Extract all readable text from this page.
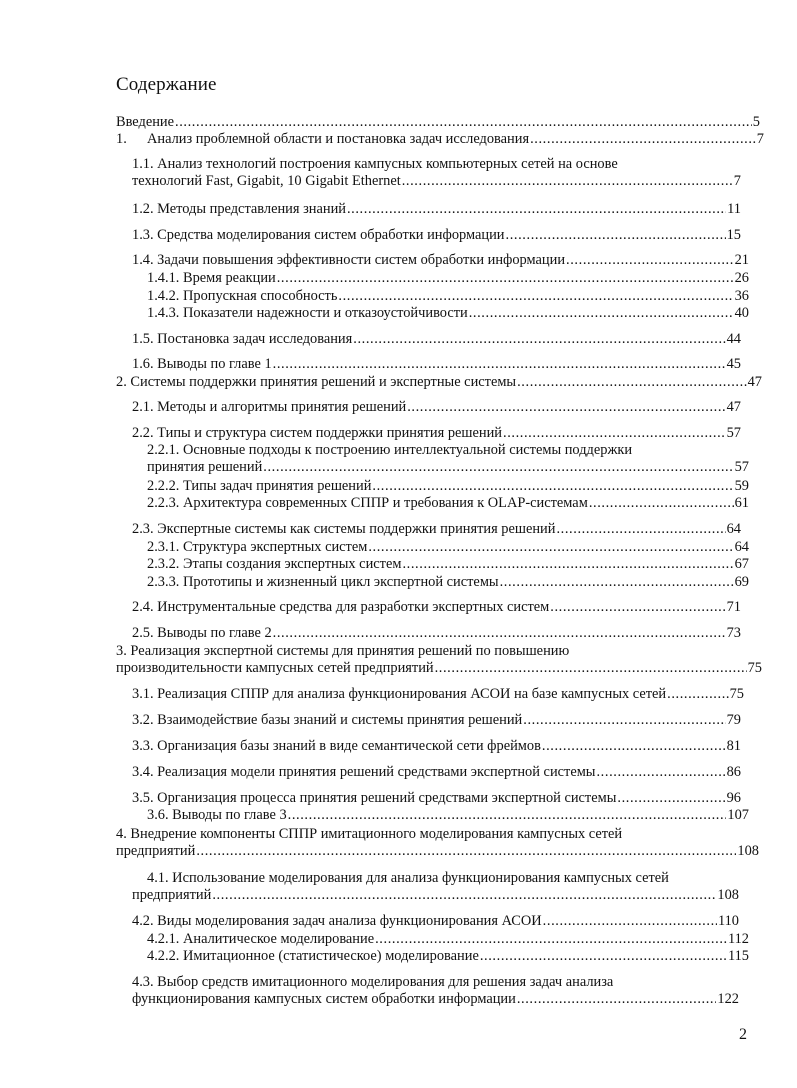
Содержание
Введение .....	5
1. Анализ проблемной области и постановка задач исследования .....	7
1.1. Анализ технологий построения кампусных компьютерных сетей на основе
технологий Fast, Gigabit, 10 Gigabit Ethernet .....	7
1.2. Методы представления знаний .....	11
1.3. Средства моделирования систем обработки информации .....	15
1.4. Задачи повышения эффективности систем обработки информации .....	21
1.4.1. Время реакции .....	26
1.4.2. Пропускная способность .....	36
1.4.3. Показатели надежности и отказоустойчивости .....	40
1.5. Постановка задач исследования .....	44
1.6. Выводы по главе 1 .....	45
2. Системы поддержки принятия решений и экспертные системы .....	47
2.1. Методы и алгоритмы принятия решений .....	47
2.2. Типы и структура систем поддержки принятия решений .....	57
2.2.1. Основные подходы к построению интеллектуальной системы поддержки
принятия решений .....	57
2.2.2. Типы задач принятия решений .....	59
2.2.3. Архитектура современных СППР и требования к OLAP-системам .....	61
2.3. Экспертные системы как системы поддержки принятия решений .....	64
2.3.1. Структура экспертных систем .....	64
2.3.2. Этапы создания экспертных систем .....	67
2.3.3. Прототипы и жизненный цикл экспертной системы .....	69
2.4. Инструментальные средства для разработки экспертных систем .....	71
2.5. Выводы по главе 2 .....	73
3. Реализация экспертной системы для принятия решений по повышению
производительности кампусных сетей предприятий .....	75
3.1. Реализация СППР для анализа функционирования АСОИ на базе кампусных сетей .....	75
3.2. Взаимодействие базы знаний и системы принятия решений .....	79
3.3. Организация базы знаний в виде семантической сети фреймов .....	81
3.4. Реализация модели принятия решений средствами экспертной системы .....	86
3.5. Организация процесса принятия решений средствами экспертной системы .....	96
3.6. Выводы по главе 3 .....	107
4. Внедрение компоненты СППР имитационного моделирования кампусных сетей
предприятий .....	108
4.1. Использование моделирования для анализа функционирования кампусных сетей
предприятий .....	108
4.2. Виды моделирования задач анализа функционирования АСОИ .....	110
4.2.1. Аналитическое моделирование .....	112
4.2.2. Имитационное (статистическое) моделирование .....	115
4.3. Выбор средств имитационного моделирования для решения задач анализа
функционирования кампусных систем обработки информации .....	122
2
